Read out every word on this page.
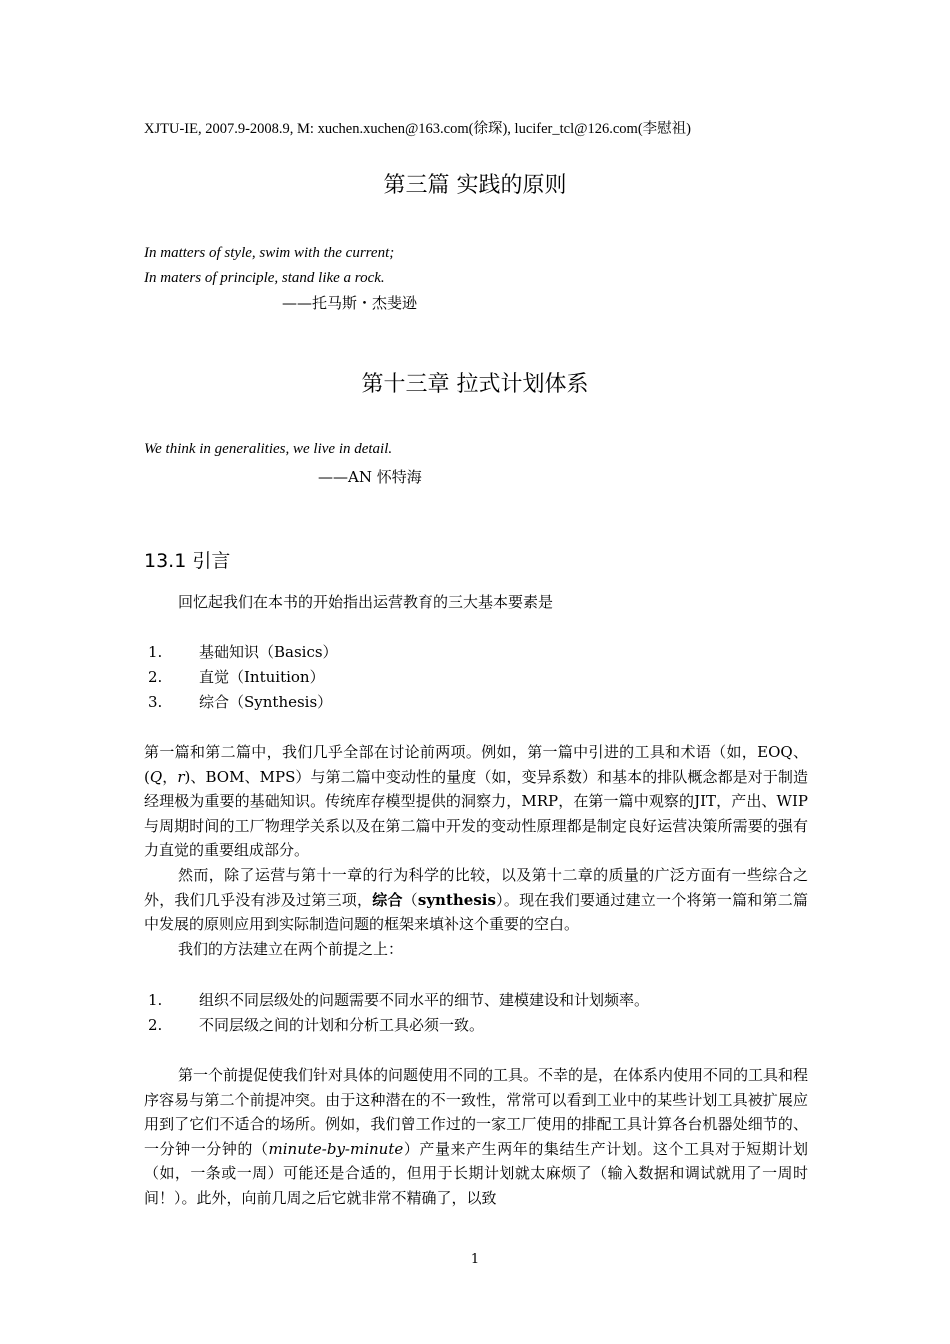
XJTU-IE, 2007.9-2008.9, M: xuchen.xuchen@163.com(徐琛), lucifer_tcl@126.com(李慰祖)
第三篇 实践的原则
In matters of style, swim with the current;
In maters of principle, stand like a rock.
——托马斯・杰斐逊
第十三章 拉式计划体系
We think in generalities, we live in detail.
——AN 怀特海
13.1 引言
回忆起我们在本书的开始指出运营教育的三大基本要素是
1. 基础知识（Basics）
2. 直觉（Intuition）
3. 综合（Synthesis）

第一篇和第二篇中，我们几乎全部在讨论前两项。例如，第一篇中引进的工具和术语（如，EOQ、(Q，r)、BOM、MPS）与第二篇中变动性的量度（如，变异系数）和基本的排队概念都是对于制造经理极为重要的基础知识。传统库存模型提供的洞察力，MRP，在第一篇中观察的JIT，产出、WIP与周期时间的工厂物理学关系以及在第二篇中开发的变动性原理都是制定良好运营决策所需要的强有力直觉的重要组成部分。

然而，除了运营与第十一章的行为科学的比较，以及第十二章的质量的广泛方面有一些综合之外，我们几乎没有涉及过第三项，综合（synthesis）。现在我们要通过建立一个将第一篇和第二篇中发展的原则应用到实际制造问题的框架来填补这个重要的空白。

我们的方法建立在两个前提之上：

1. 组织不同层级处的问题需要不同水平的细节、建模建设和计划频率。
2. 不同层级之间的计划和分析工具必须一致。

第一个前提促使我们针对具体的问题使用不同的工具。不幸的是，在体系内使用不同的工具和程序容易与第二个前提冲突。由于这种潜在的不一致性，常常可以看到工业中的某些计划工具被扩展应用到了它们不适合的场所。例如，我们曾工作过的一家工厂使用的排配工具计算各台机器处细节的、一分钟一分钟的（minute-by-minute）产量来产生两年的集结生产计划。这个工具对于短期计划（如，一条或一周）可能还是合适的，但用于长期计划就太麻烦了（输入数据和调试就用了一周时间！）。此外，向前几周之后它就非常不精确了，以致

1
